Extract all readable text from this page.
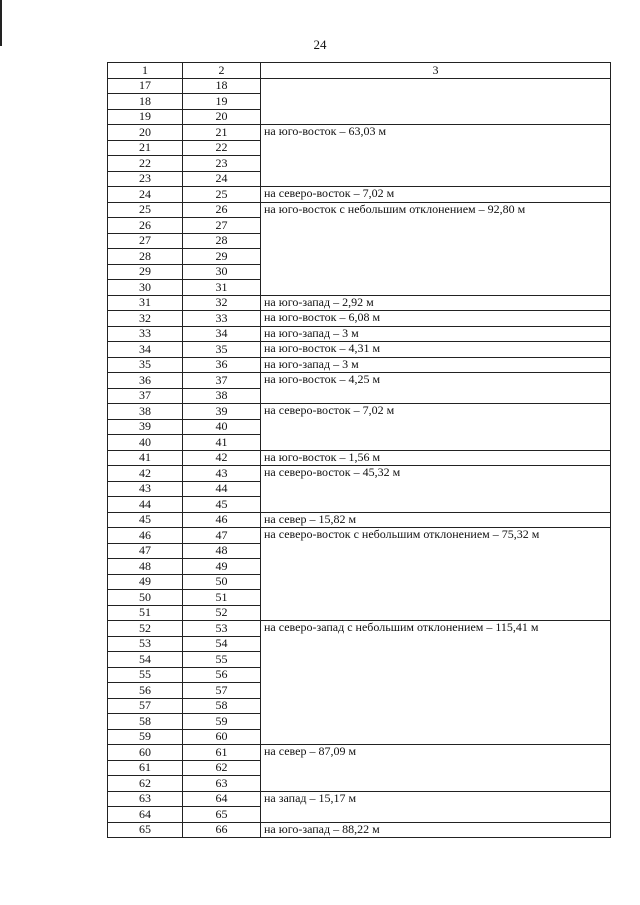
24
1	2	3
17	18	
18	19	
19	20	
20	21	на юго-восток – 63,03 м
21	22	
22	23	
23	24	
24	25	на северо-восток – 7,02 м
25	26	на юго-восток с небольшим отклонением – 92,80 м
26	27	
27	28	
28	29	
29	30	
30	31	
31	32	на юго-запад – 2,92 м
32	33	на юго-восток – 6,08 м
33	34	на юго-запад – 3 м
34	35	на юго-восток – 4,31 м
35	36	на юго-запад – 3 м
36	37	на юго-восток – 4,25 м
37	38	
38	39	на северо-восток – 7,02 м
39	40	
40	41	
41	42	на юго-восток – 1,56 м
42	43	на северо-восток – 45,32 м
43	44	
44	45	
45	46	на север – 15,82 м
46	47	на северо-восток с небольшим отклонением – 75,32 м
47	48	
48	49	
49	50	
50	51	
51	52	
52	53	на северо-запад с небольшим отклонением – 115,41 м
53	54	
54	55	
55	56	
56	57	
57	58	
58	59	
59	60	
60	61	на север – 87,09 м
61	62	
62	63	
63	64	на запад – 15,17 м
64	65	
65	66	на юго-запад – 88,22 м
